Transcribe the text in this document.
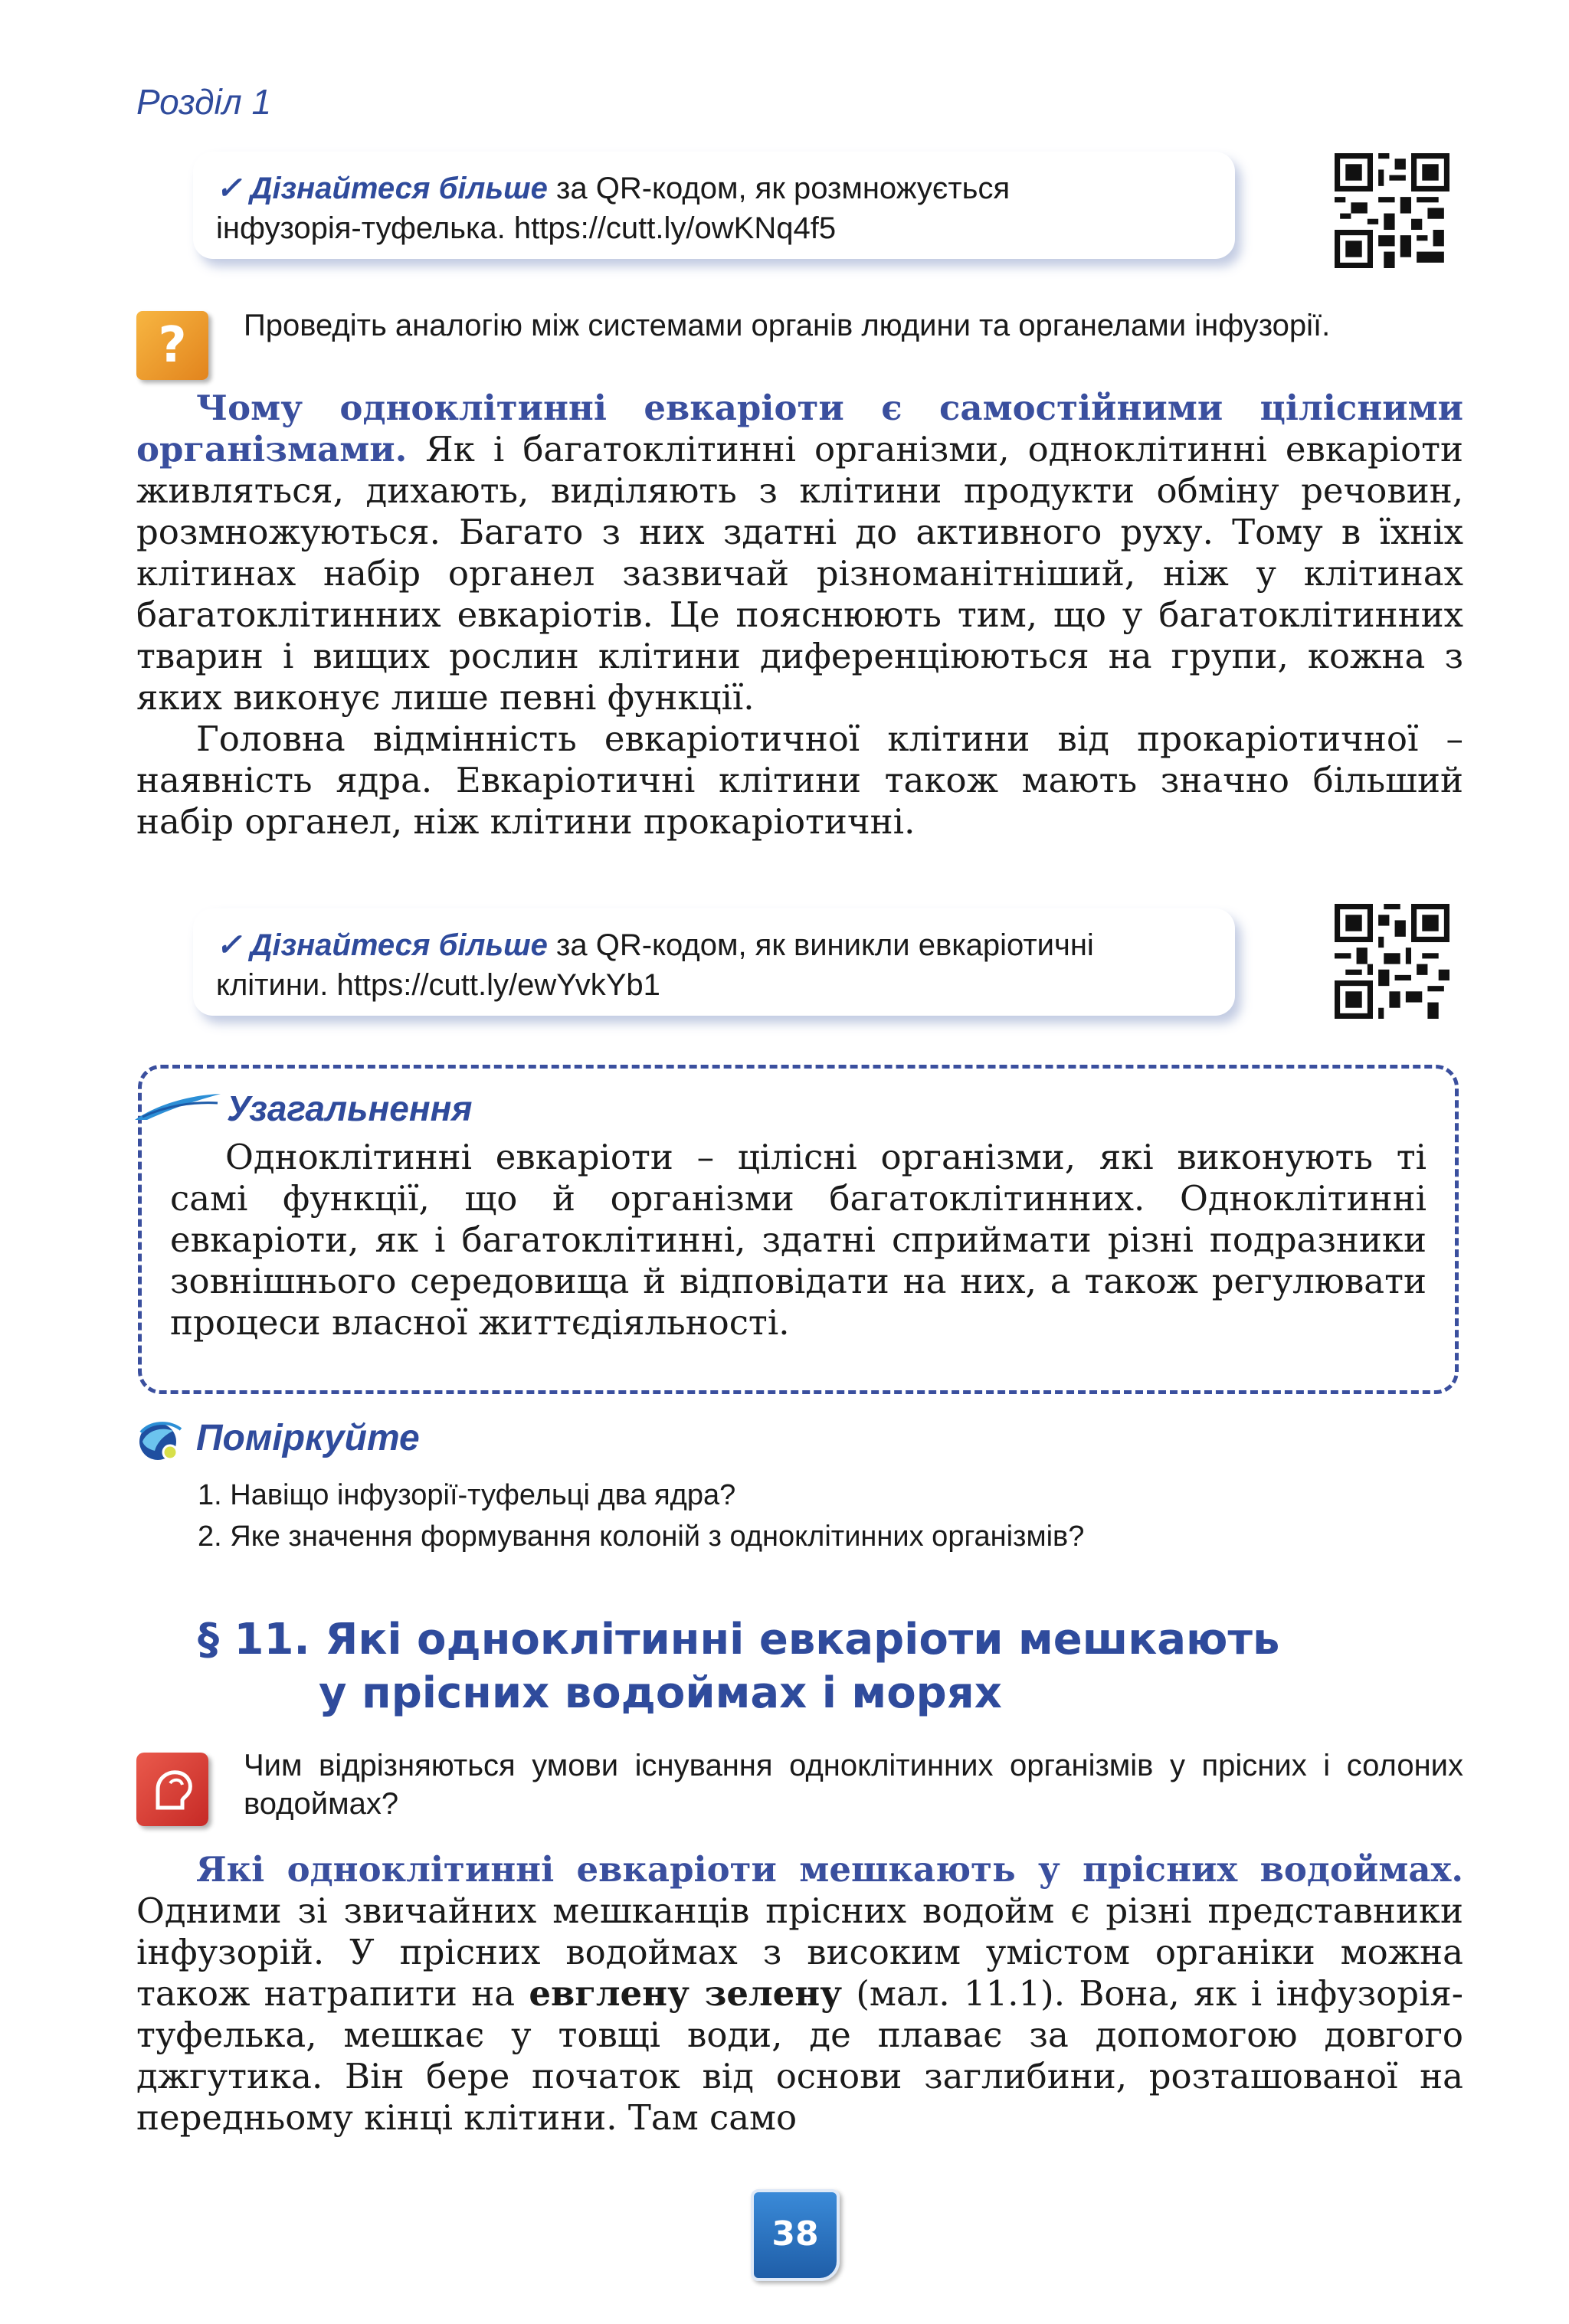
Розділ 1
✓ Дізнайтеся більше за QR-кодом, як розмножується
інфузорія-туфелька. https://cutt.ly/owKNq4f5
?	Проведіть аналогію між системами органів людини та органелами інфузорії.

Чому одноклітинні евкаріоти є самостійними цілісними організмами. Як і багатоклітинні організми, одноклітинні евкаріоти живляться, дихають, виділяють з клітини продукти обміну речовин, розмножуються. Багато з них здатні до активного руху. Тому в їхніх клітинах набір органел зазвичай різноманітніший, ніж у клітинах багатоклітинних евкаріотів. Це пояснюють тим, що у багатоклітинних тварин і вищих рослин клітини диференціюються на групи, кожна з яких виконує лише певні функції.

Головна відмінність евкаріотичної клітини від прокаріотичної – наявність ядра. Евкаріотичні клітини також мають значно більший набір органел, ніж клітини прокаріотичні.

✓ Дізнайтеся більше за QR-кодом, як виникли евкаріотичні
клітини. https://cutt.ly/ewYvkYb1
Узагальнення

Одноклітинні евкаріоти – цілісні організми, які виконують ті самі функції, що й організми багатоклітинних. Одноклітинні евкаріоти, як і багатоклітинні, здатні сприймати різні подразники зовнішнього середовища й відповідати на них, а також регулювати процеси власної життєдіяльності.

Поміркуйте
1. Навіщо інфузорії-туфельці два ядра?
2. Яке значення формування колоній з одноклітинних організмів?
§ 11. Які одноклітинні евкаріоти мешкають
у прісних водоймах і морях
Чим відрізняються умови існування одноклітинних організмів у прісних і солоних водоймах?

Які одноклітинні евкаріоти мешкають у прісних водоймах. Одними зі звичайних мешканців прісних водойм є різні представники інфузорій. У прісних водоймах з високим умістом органіки можна також натрапити на евглену зелену (мал. 11.1). Вона, як і інфузорія-туфелька, мешкає у товщі води, де плаває за допомогою довгого джгутика. Він бере початок від основи заглибини, розташованої на передньому кінці клітини. Там само

38
